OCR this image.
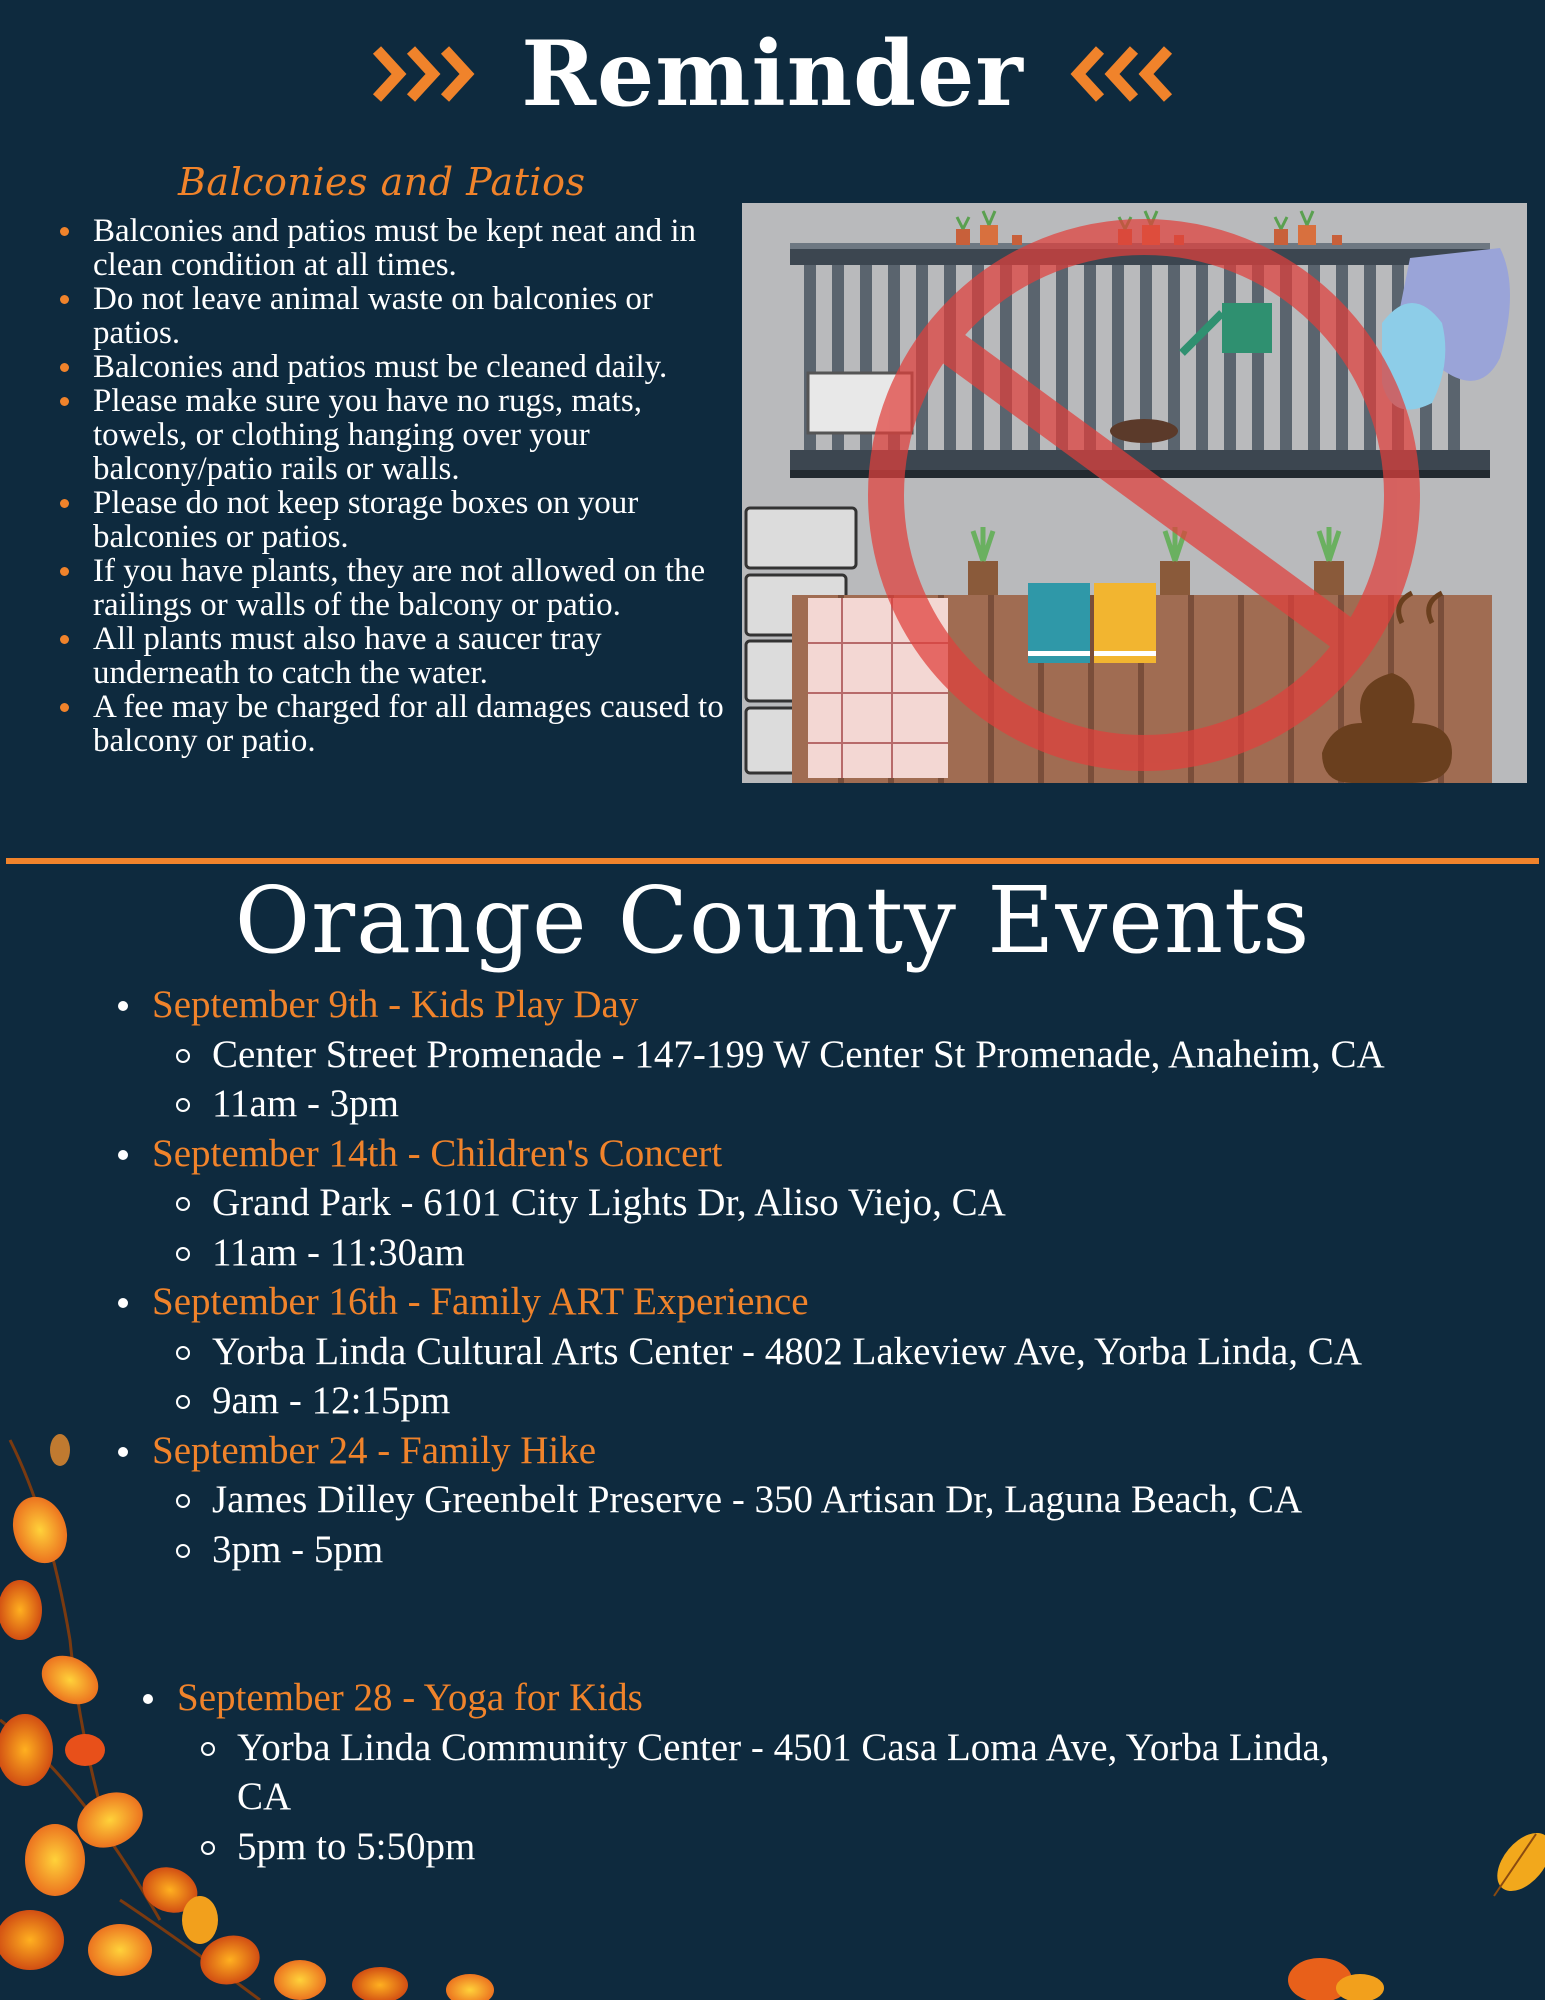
Reminder
Balconies and Patios
Balconies and patios must be kept neat and in clean condition at all times.
Do not leave animal waste on balconies or patios.
Balconies and patios must be cleaned daily.
Please make sure you have no rugs, mats, towels, or clothing hanging over your balcony/patio rails or walls.
Please do not keep storage boxes on your balconies or patios.
If you have plants, they are not allowed on the railings or walls of the balcony or patio.
All plants must also have a saucer tray underneath to catch the water.
A fee may be charged for all damages caused to balcony or patio.
Orange County Events
September 9th - Kids Play Day
Center Street Promenade - 147-199 W Center St Promenade, Anaheim, CA
11am - 3pm
September 14th - Children's Concert
Grand Park - 6101 City Lights Dr, Aliso Viejo, CA
11am - 11:30am
September 16th - Family ART Experience
Yorba Linda Cultural Arts Center - 4802 Lakeview Ave, Yorba Linda, CA
9am - 12:15pm
September 24 - Family Hike
James Dilley Greenbelt Preserve - 350 Artisan Dr, Laguna Beach, CA
3pm - 5pm
September 28 - Yoga for Kids
Yorba Linda Community Center - 4501 Casa Loma Ave, Yorba Linda, CA
5pm to 5:50pm
